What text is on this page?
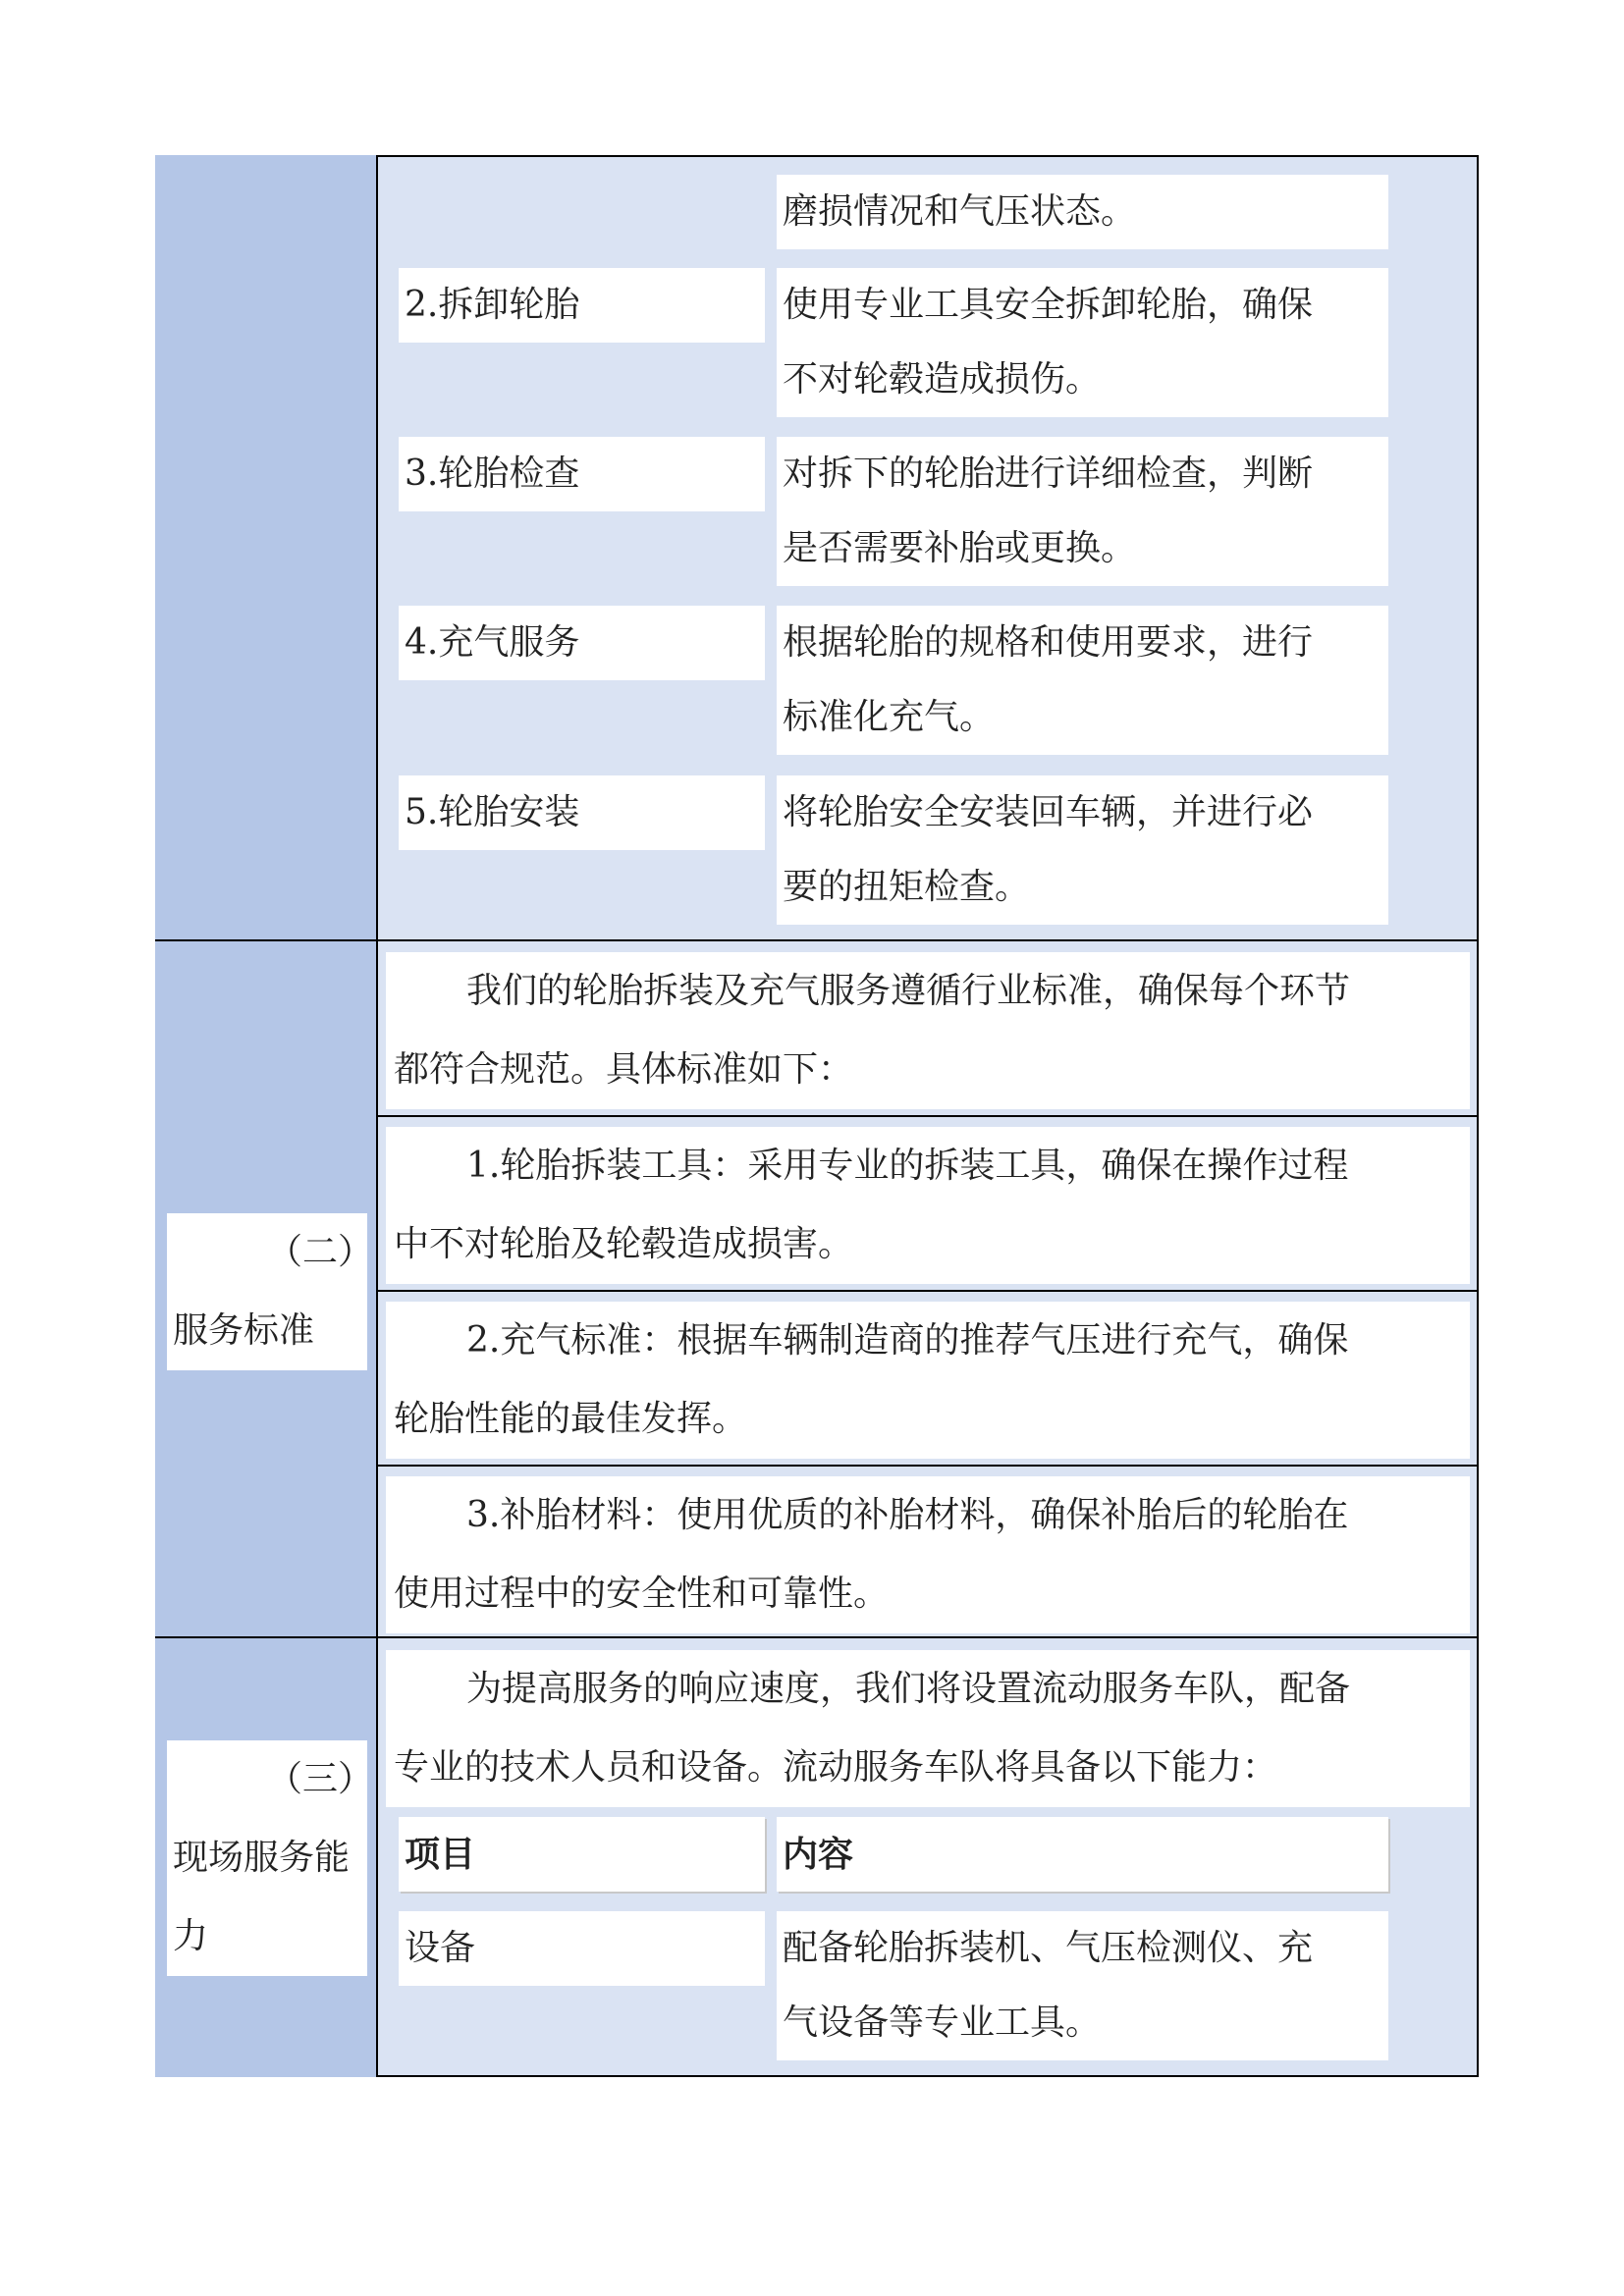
磨损情况和气压状态。
2.拆卸轮胎	使用专业工具安全拆卸轮胎，确保
不对轮毂造成损伤。
3.轮胎检查	对拆下的轮胎进行详细检查，判断
是否需要补胎或更换。
4.充气服务	根据轮胎的规格和使用要求，进行
标准化充气。
5.轮胎安装	将轮胎安全安装回车辆，并进行必
要的扭矩检查。
（二）
服务标准
我们的轮胎拆装及充气服务遵循行业标准，确保每个环节
都符合规范。具体标准如下：
1.轮胎拆装工具：采用专业的拆装工具，确保在操作过程
中不对轮胎及轮毂造成损害。
2.充气标准：根据车辆制造商的推荐气压进行充气，确保
轮胎性能的最佳发挥。
3.补胎材料：使用优质的补胎材料，确保补胎后的轮胎在
使用过程中的安全性和可靠性。
（三）
现场服务能
力
为提高服务的响应速度，我们将设置流动服务车队，配备
专业的技术人员和设备。流动服务车队将具备以下能力：
项目	内容
设备	配备轮胎拆装机、气压检测仪、充
气设备等专业工具。
